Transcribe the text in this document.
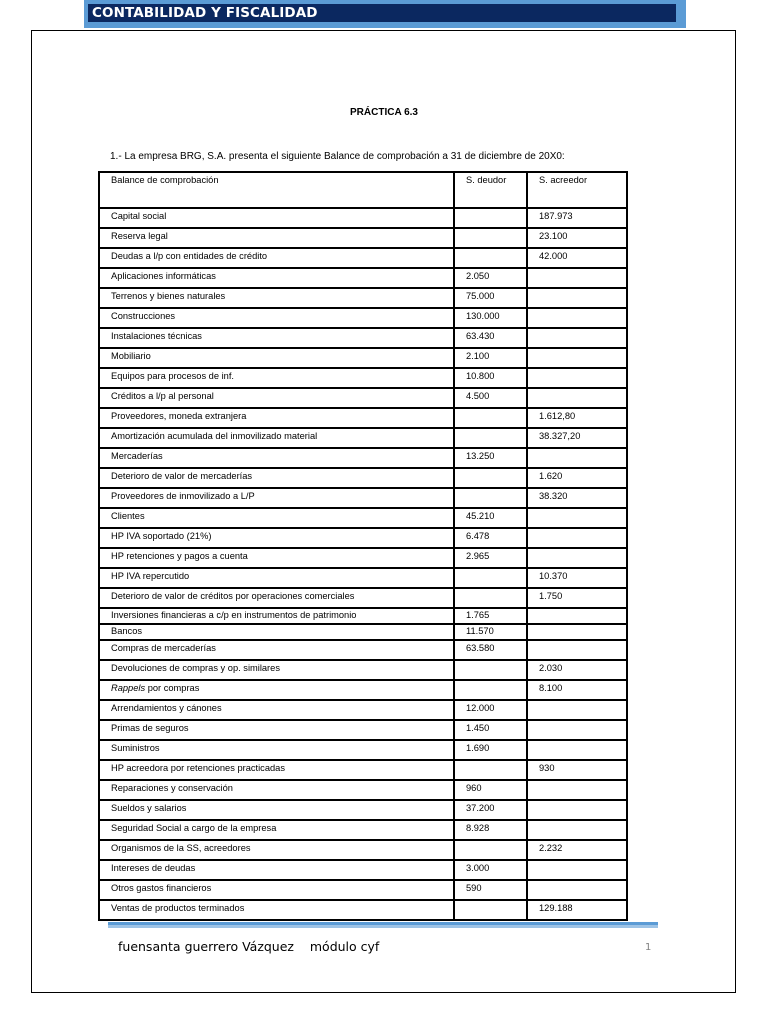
CONTABILIDAD Y FISCALIDAD
PRÁCTICA 6.3
1.- La empresa BRG, S.A. presenta el siguiente Balance de comprobación a 31 de diciembre de 20X0:
Balance de comprobación	S. deudor	S. acreedor
Capital social		187.973
Reserva legal		23.100
Deudas a l/p con entidades de crédito		42.000
Aplicaciones informáticas	2.050	
Terrenos y bienes naturales	75.000	
Construcciones	130.000	
Instalaciones técnicas	63.430	
Mobiliario	2.100	
Equipos para procesos de inf.	10.800	
Créditos a l/p al personal	4.500	
Proveedores, moneda extranjera		1.612,80
Amortización acumulada del inmovilizado material		38.327,20
Mercaderías	13.250	
Deterioro de valor de mercaderías		1.620
Proveedores de inmovilizado a L/P		38.320
Clientes	45.210	
HP IVA soportado (21%)	6.478	
HP retenciones y pagos a cuenta	2.965	
HP IVA repercutido		10.370
Deterioro de valor de créditos por operaciones comerciales		1.750
Inversiones financieras a c/p en instrumentos de patrimonio	1.765	
Bancos	11.570	
Compras de mercaderías	63.580	
Devoluciones de compras y op. similares		2.030
Rappels por compras		8.100
Arrendamientos y cánones	12.000	
Primas de seguros	1.450	
Suministros	1.690	
HP acreedora por retenciones practicadas		930
Reparaciones y conservación	960	
Sueldos y salarios	37.200	
Seguridad Social a cargo de la empresa	8.928	
Organismos de la SS, acreedores		2.232
Intereses de deudas	3.000	
Otros gastos financieros	590	
Ventas de productos terminados		129.188
fuensanta guerrero Vázquez    módulo cyf	1
